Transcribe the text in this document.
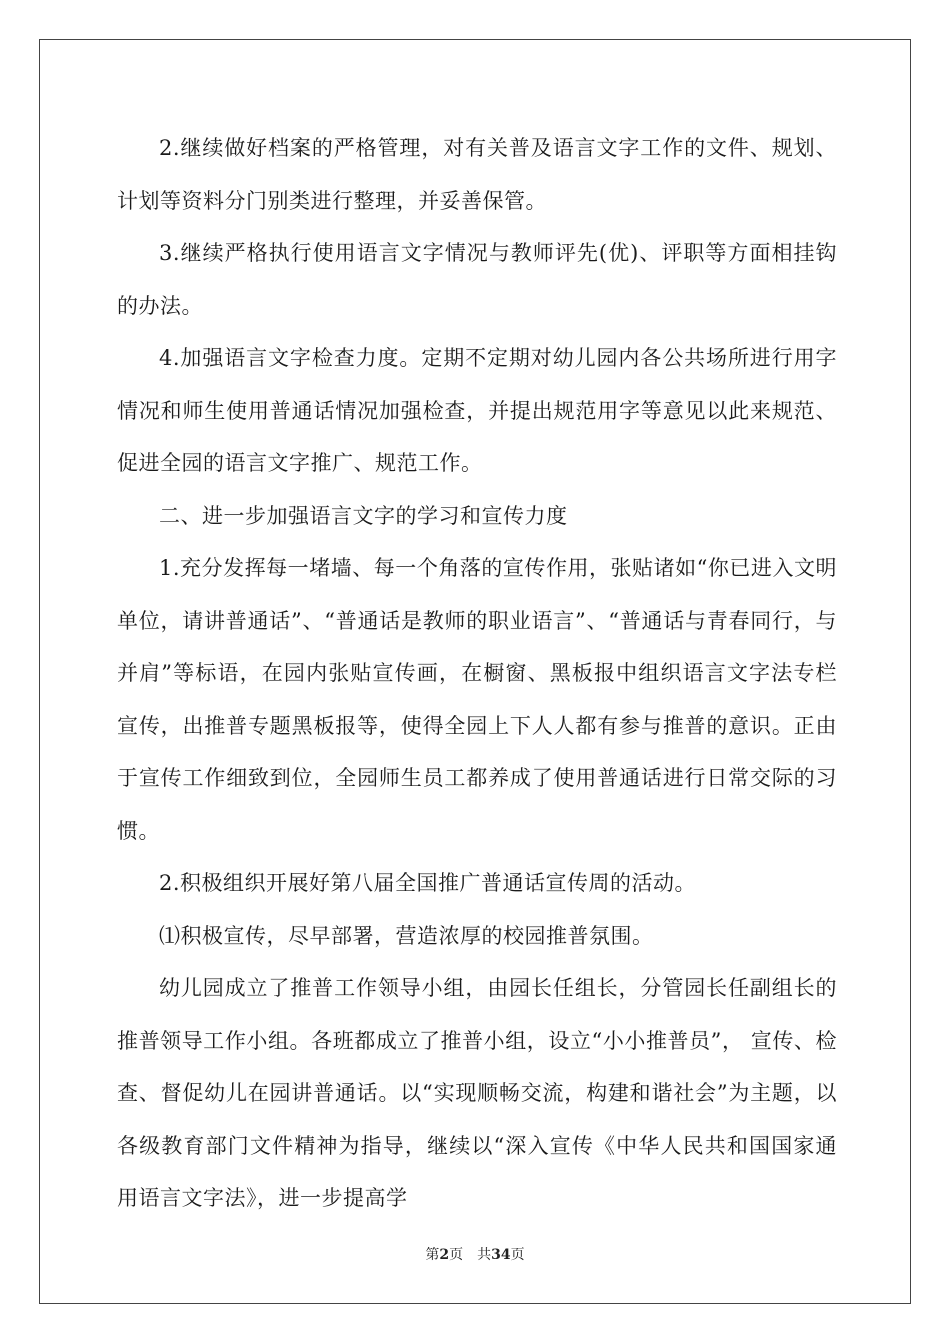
2.继续做好档案的严格管理，对有关普及语言文字工作的文件、规划、计划等资料分门别类进行整理，并妥善保管。

3.继续严格执行使用语言文字情况与教师评先(优)、评职等方面相挂钩的办法。

4.加强语言文字检查力度。定期不定期对幼儿园内各公共场所进行用字情况和师生使用普通话情况加强检查，并提出规范用字等意见以此来规范、促进全园的语言文字推广、规范工作。

二、进一步加强语言文字的学习和宣传力度

1.充分发挥每一堵墙、每一个角落的宣传作用，张贴诸如“你已进入文明单位，请讲普通话”、“普通话是教师的职业语言”、“普通话与青春同行，与并肩”等标语，在园内张贴宣传画，在橱窗、黑板报中组织语言文字法专栏宣传，出推普专题黑板报等，使得全园上下人人都有参与推普的意识。正由于宣传工作细致到位，全园师生员工都养成了使用普通话进行日常交际的习惯。

2.积极组织开展好第八届全国推广普通话宣传周的活动。

⑴积极宣传，尽早部署，营造浓厚的校园推普氛围。

幼儿园成立了推普工作领导小组，由园长任组长，分管园长任副组长的推普领导工作小组。各班都成立了推普小组，设立“小小推普员”， 宣传、检查、督促幼儿在园讲普通话。以“实现顺畅交流，构建和谐社会”为主题，以各级教育部门文件精神为指导，继续以“深入宣传《中华人民共和国国家通用语言文字法》，进一步提高学

第2页 共34页
